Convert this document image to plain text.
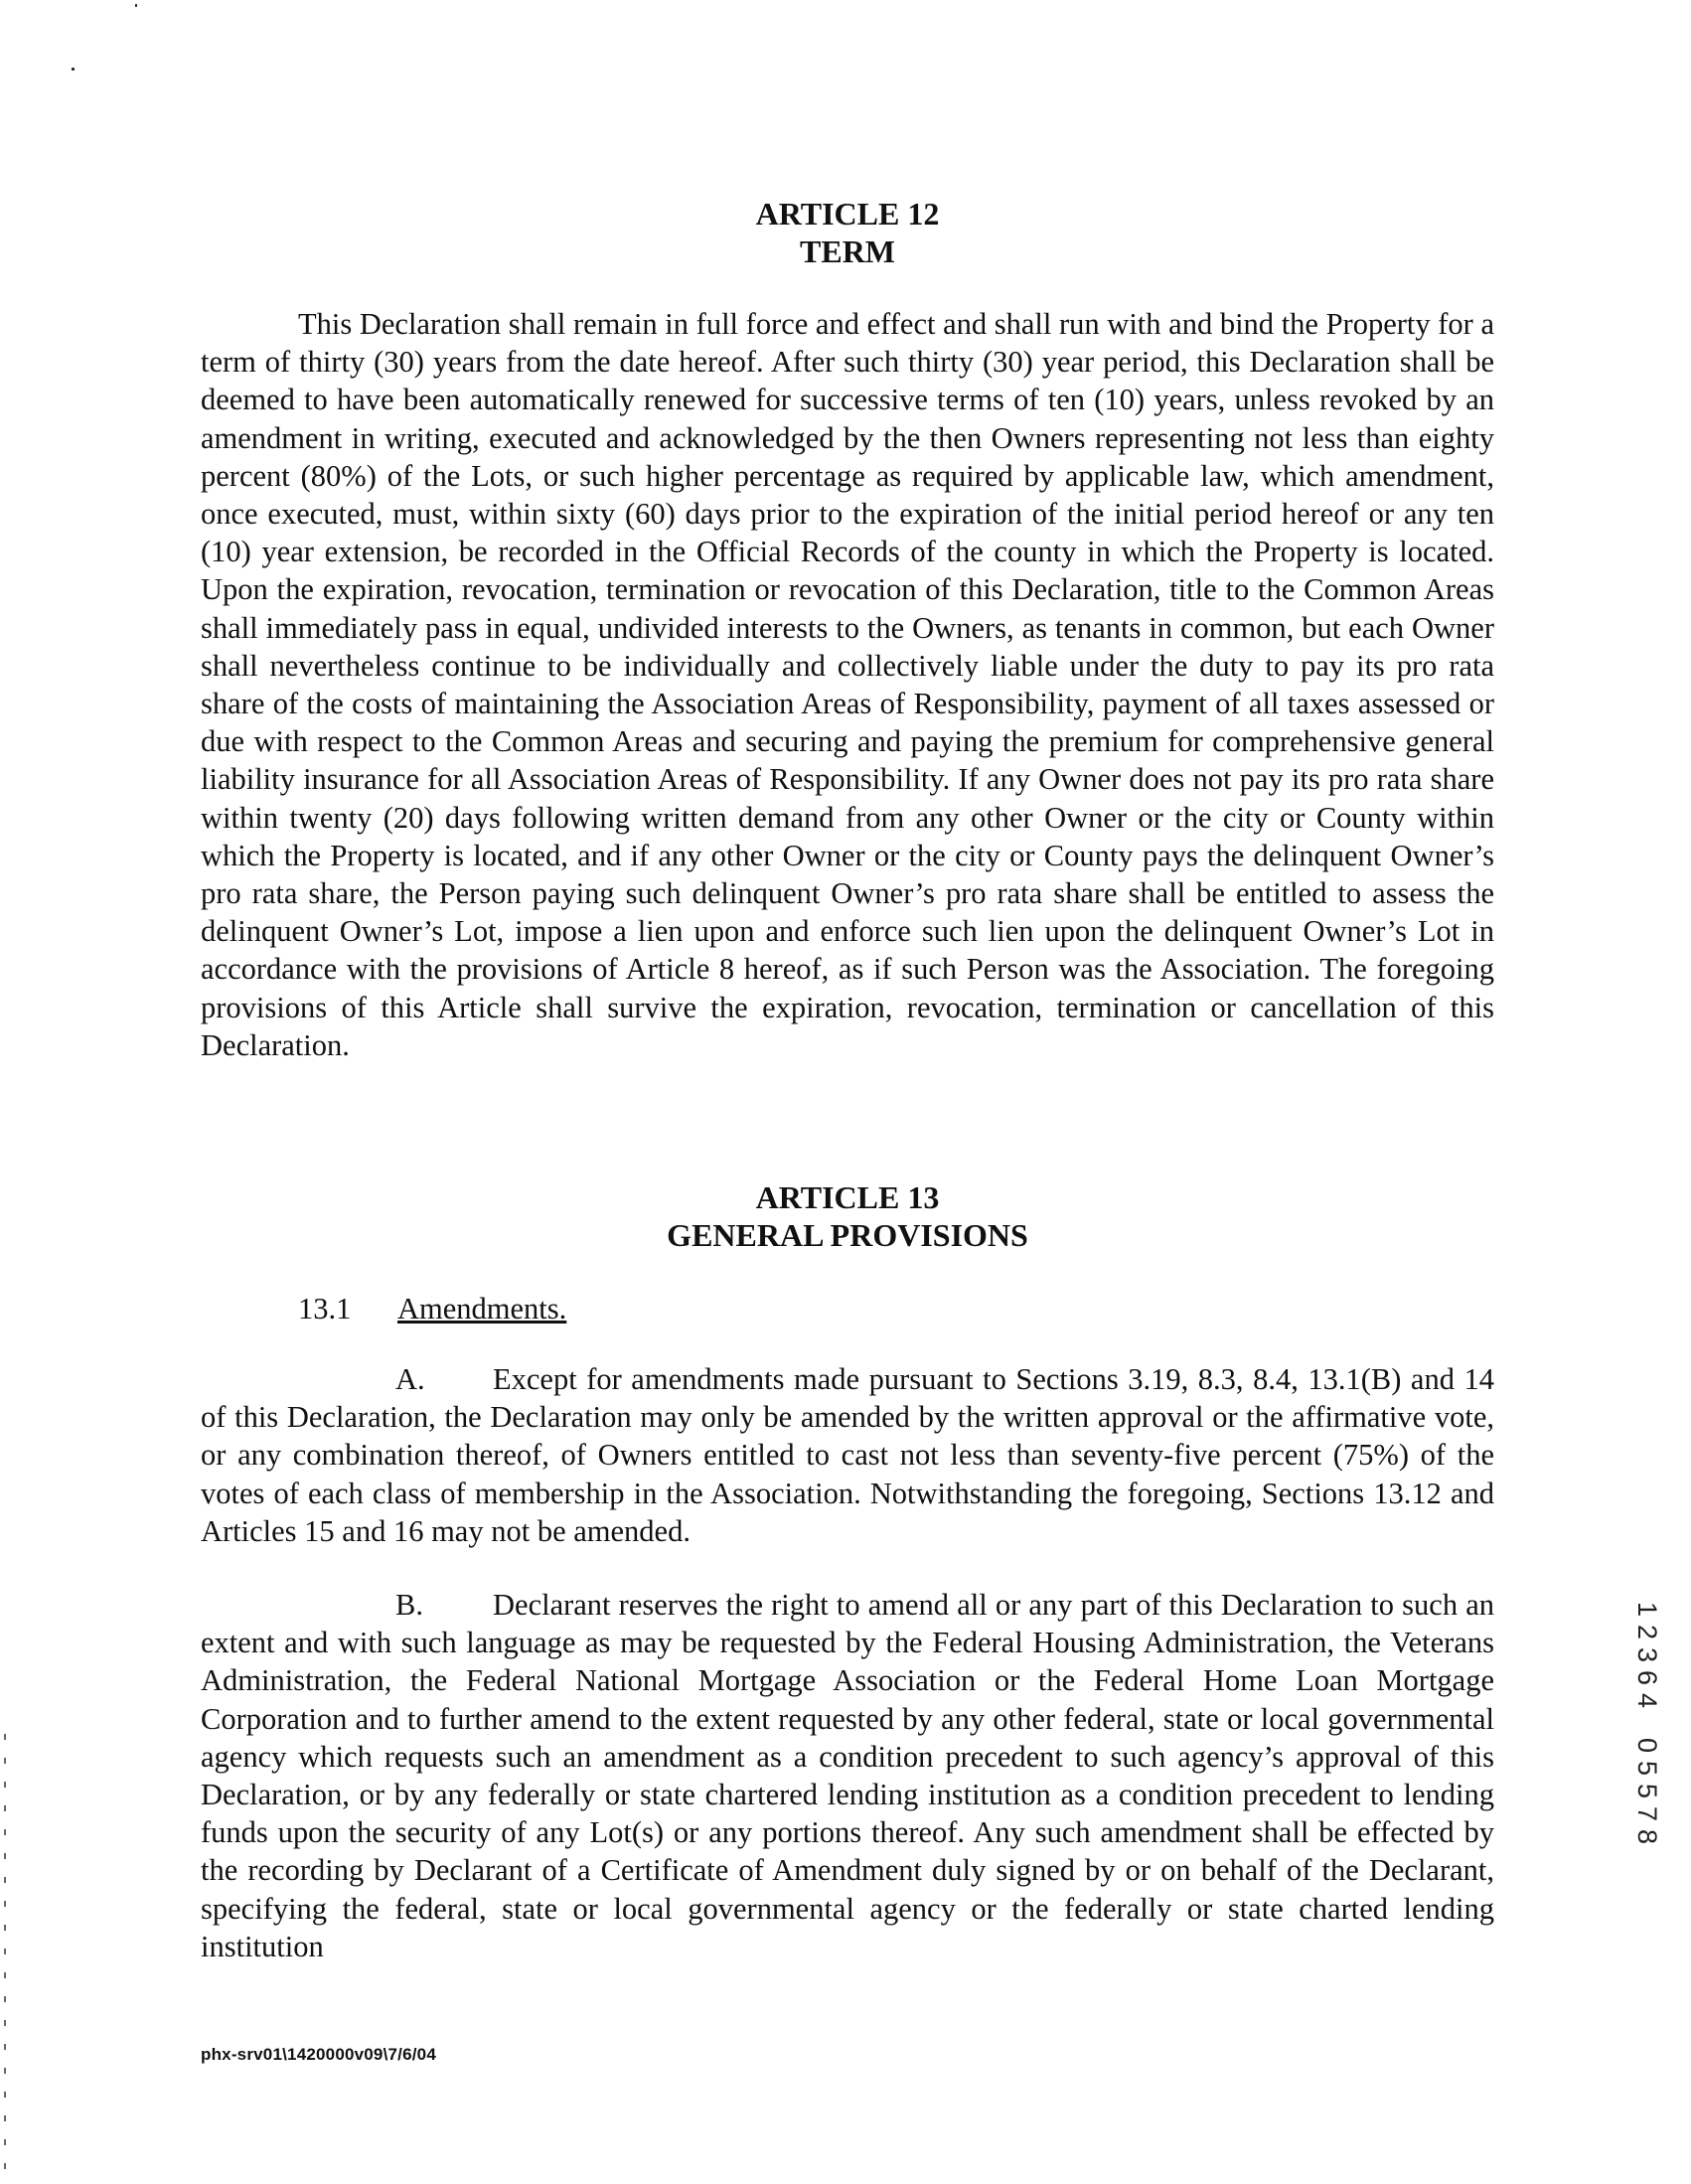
ARTICLE 12

TERM

This Declaration shall remain in full force and effect and shall run with and bind the Property for a term of thirty (30) years from the date hereof. After such thirty (30) year period, this Declaration shall be deemed to have been automatically renewed for successive terms of ten (10) years, unless revoked by an amendment in writing, executed and acknowledged by the then Owners representing not less than eighty percent (80%) of the Lots, or such higher percentage as required by applicable law, which amendment, once executed, must, within sixty (60) days prior to the expiration of the initial period hereof or any ten (10) year extension, be recorded in the Official Records of the county in which the Property is located. Upon the expiration, revocation, termination or revocation of this Declaration, title to the Common Areas shall immediately pass in equal, undivided interests to the Owners, as tenants in common, but each Owner shall nevertheless continue to be individually and collectively liable under the duty to pay its pro rata share of the costs of maintaining the Association Areas of Responsibility, payment of all taxes assessed or due with respect to the Common Areas and securing and paying the premium for comprehensive general liability insurance for all Association Areas of Responsibility. If any Owner does not pay its pro rata share within twenty (20) days following written demand from any other Owner or the city or County within which the Property is located, and if any other Owner or the city or County pays the delinquent Owner’s pro rata share, the Person paying such delinquent Owner’s pro rata share shall be entitled to assess the delinquent Owner’s Lot, impose a lien upon and enforce such lien upon the delinquent Owner’s Lot in accordance with the provisions of Article 8 hereof, as if such Person was the Association. The foregoing provisions of this Article shall survive the expiration, revocation, termination or cancellation of this Declaration.

ARTICLE 13

GENERAL PROVISIONS

13.1 Amendments.

A. Except for amendments made pursuant to Sections 3.19, 8.3, 8.4, 13.1(B) and 14 of this Declaration, the Declaration may only be amended by the written approval or the affirmative vote, or any combination thereof, of Owners entitled to cast not less than seventy-five percent (75%) of the votes of each class of membership in the Association. Notwithstanding the foregoing, Sections 13.12 and Articles 15 and 16 may not be amended.

B. Declarant reserves the right to amend all or any part of this Declaration to such an extent and with such language as may be requested by the Federal Housing Administration, the Veterans Administration, the Federal National Mortgage Association or the Federal Home Loan Mortgage Corporation and to further amend to the extent requested by any other federal, state or local governmental agency which requests such an amendment as a condition precedent to such agency’s approval of this Declaration, or by any federally or state chartered lending institution as a condition precedent to lending funds upon the security of any Lot(s) or any portions thereof. Any such amendment shall be effected by the recording by Declarant of a Certificate of Amendment duly signed by or on behalf of the Declarant, specifying the federal, state or local governmental agency or the federally or state charted lending institution

1
2
3
6
4
0
5
5
7
8
phx-srv01\1420000v09\7/6/04
